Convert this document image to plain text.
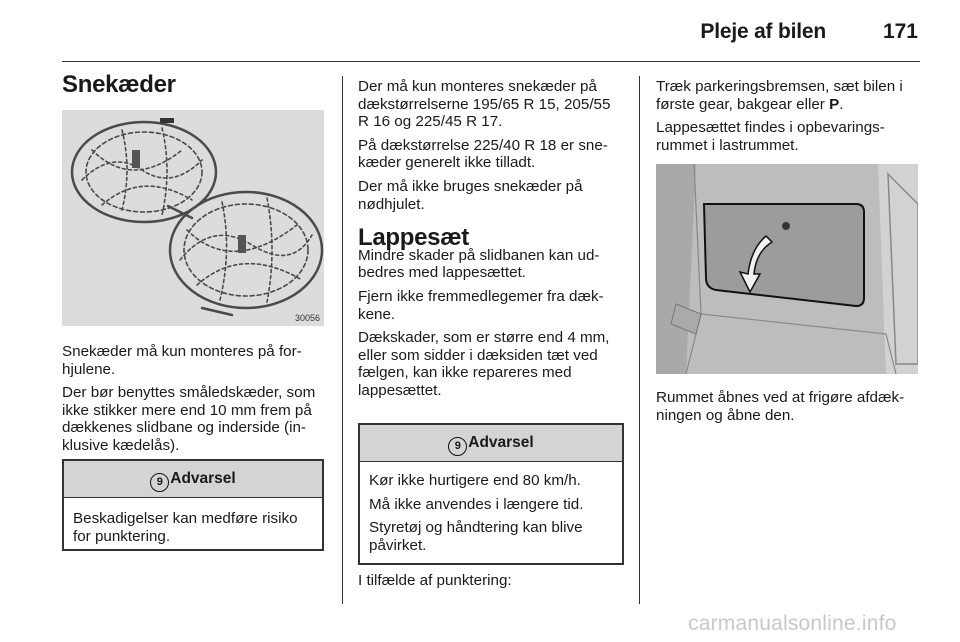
Pleje af bilen	171
Snekæder
30056

Snekæder må kun monteres på for-hjulene.

Der bør benyttes småledskæder, som ikke stikker mere end 10 mm frem på dækkenes slidbane og inderside (in-klusive kædelås).

9 Advarsel

Beskadigelser kan medføre risiko for punktering.

Der må kun monteres snekæder på dækstørrelserne 195/65 R 15, 205/55 R 16 og 225/45 R 17.

På dækstørrelse 225/40 R 18 er sne-kæder generelt ikke tilladt.

Der må ikke bruges snekæder på nødhjulet.

Lappesæt

Mindre skader på slidbanen kan ud-bedres med lappesættet.

Fjern ikke fremmedlegemer fra dæk-kene.

Dækskader, som er større end 4 mm, eller som sidder i dæksiden tæt ved fælgen, kan ikke repareres med lappesættet.

9 Advarsel

Kør ikke hurtigere end 80 km/h.

Må ikke anvendes i længere tid.

Styretøj og håndtering kan blive påvirket.

I tilfælde af punktering:

Træk parkeringsbremsen, sæt bilen i første gear, bakgear eller P.

Lappesættet findes i opbevarings-rummet i lastrummet.

Rummet åbnes ved at frigøre afdæk-ningen og åbne den.

carmanualsonline.info
